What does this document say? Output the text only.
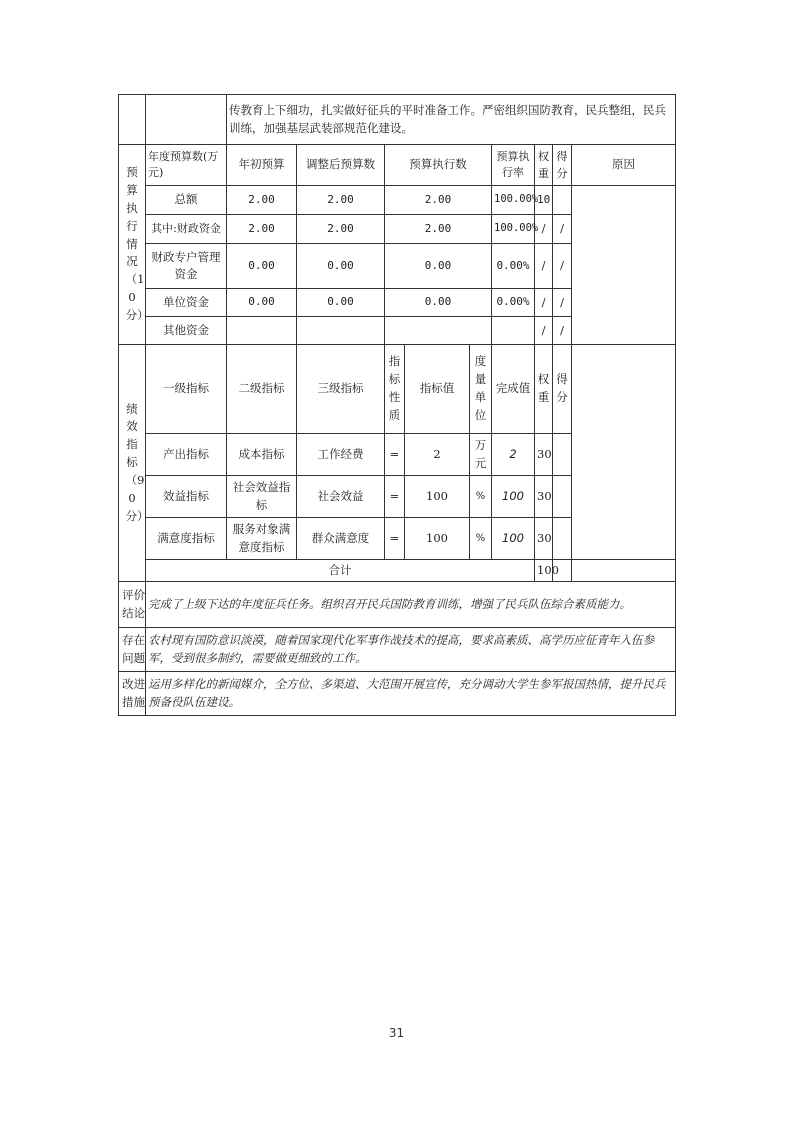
		传教育上下细功，扎实做好征兵的平时准备工作。严密组织国防教育，民兵整组，民兵训练，加强基层武装部规范化建设。								
预算执行情况（10分）	年度预算数(万元)	年初预算	调整后预算数	预算执行数			预算执行率	权重	得分	原因
	总额	2.00	2.00	2.00			100.00%	10		
	其中:财政资金	2.00	2.00	2.00			100.00%	/	/	
	财政专户管理资金	0.00	0.00	0.00			0.00%	/	/	
	单位资金	0.00	0.00	0.00			0.00%	/	/	
	其他资金							/	/	
绩效指标（90分）	一级指标	二级指标	三级指标	指标性质	指标值	度量单位	完成值	权重	得分	
	产出指标	成本指标	工作经费	=	2	万元	2	30		
	效益指标	社会效益指标	社会效益	=	100	%	100	30		
	满意度指标	服务对象满意度指标	群众满意度	=	100	%	100	30		
	合计							100		
评价结论	完成了上级下达的年度征兵任务。组织召开民兵国防教育训练，增强了民兵队伍综合素质能力。									
存在问题	农村现有国防意识淡漠，随着国家现代化军事作战技术的提高，要求高素质、高学历应征青年入伍参军，受到很多制约，需要做更细致的工作。									
改进措施	运用多样化的新闻媒介，全方位、多渠道、大范围开展宣传，充分调动大学生参军报国热情，提升民兵预备役队伍建设。									
31
